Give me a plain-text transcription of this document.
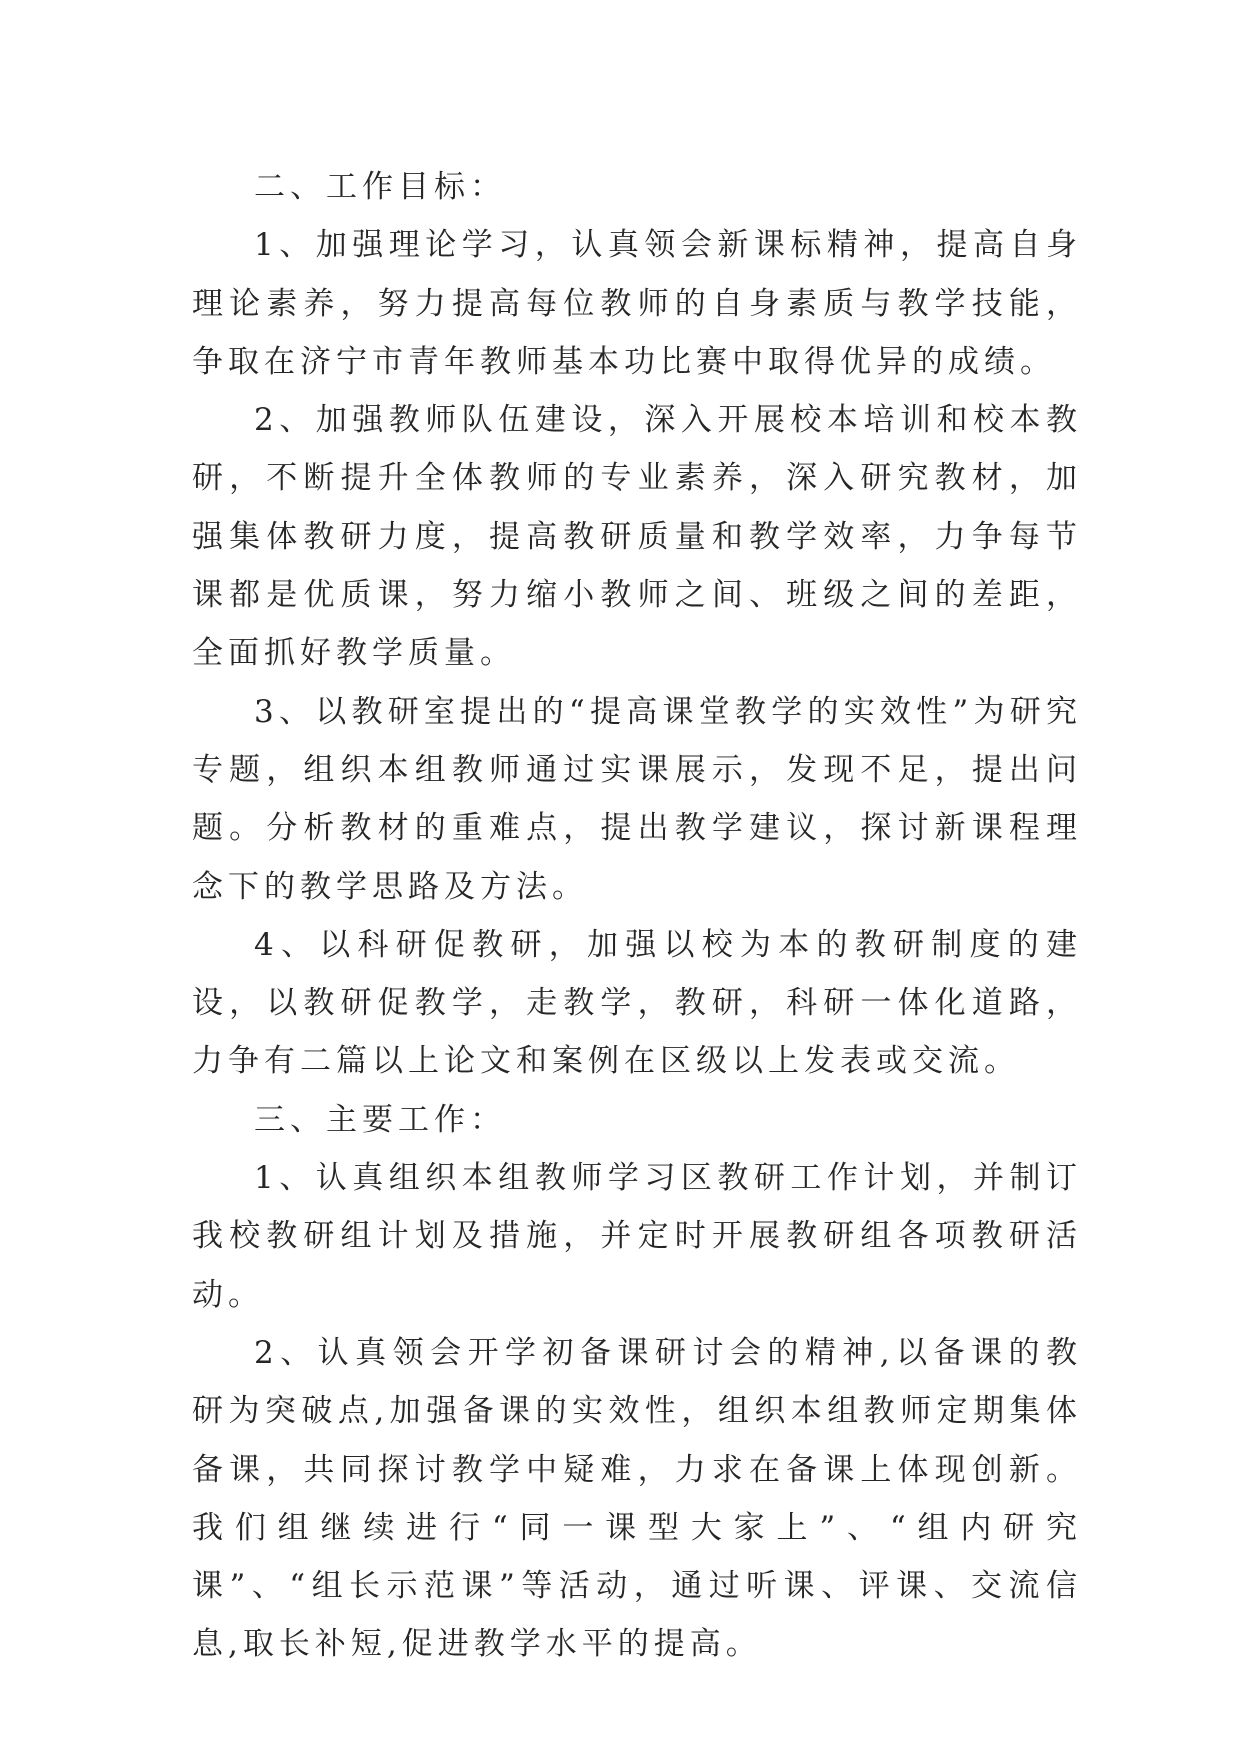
二、工作目标：

1、加强理论学习，认真领会新课标精神，提高自身理论素养，努力提高每位教师的自身素质与教学技能，争取在济宁市青年教师基本功比赛中取得优异的成绩。

2、加强教师队伍建设，深入开展校本培训和校本教研，不断提升全体教师的专业素养，深入研究教材，加强集体教研力度，提高教研质量和教学效率，力争每节课都是优质课，努力缩小教师之间、班级之间的差距，全面抓好教学质量。

3、以教研室提出的“提高课堂教学的实效性”为研究专题，组织本组教师通过实课展示，发现不足，提出问题。分析教材的重难点，提出教学建议，探讨新课程理念下的教学思路及方法。

4、以科研促教研，加强以校为本的教研制度的建设，以教研促教学，走教学，教研，科研一体化道路，力争有二篇以上论文和案例在区级以上发表或交流。

三、主要工作：

1、认真组织本组教师学习区教研工作计划，并制订我校教研组计划及措施，并定时开展教研组各项教研活动。

2、认真领会开学初备课研讨会的精神,以备课的教研为突破点,加强备课的实效性，组织本组教师定期集体备课，共同探讨教学中疑难，力求在备课上体现创新。我们组继续进行“同一课型大家上”、“组内研究课”、“组长示范课”等活动，通过听课、评课、交流信息,取长补短,促进教学水平的提高。
